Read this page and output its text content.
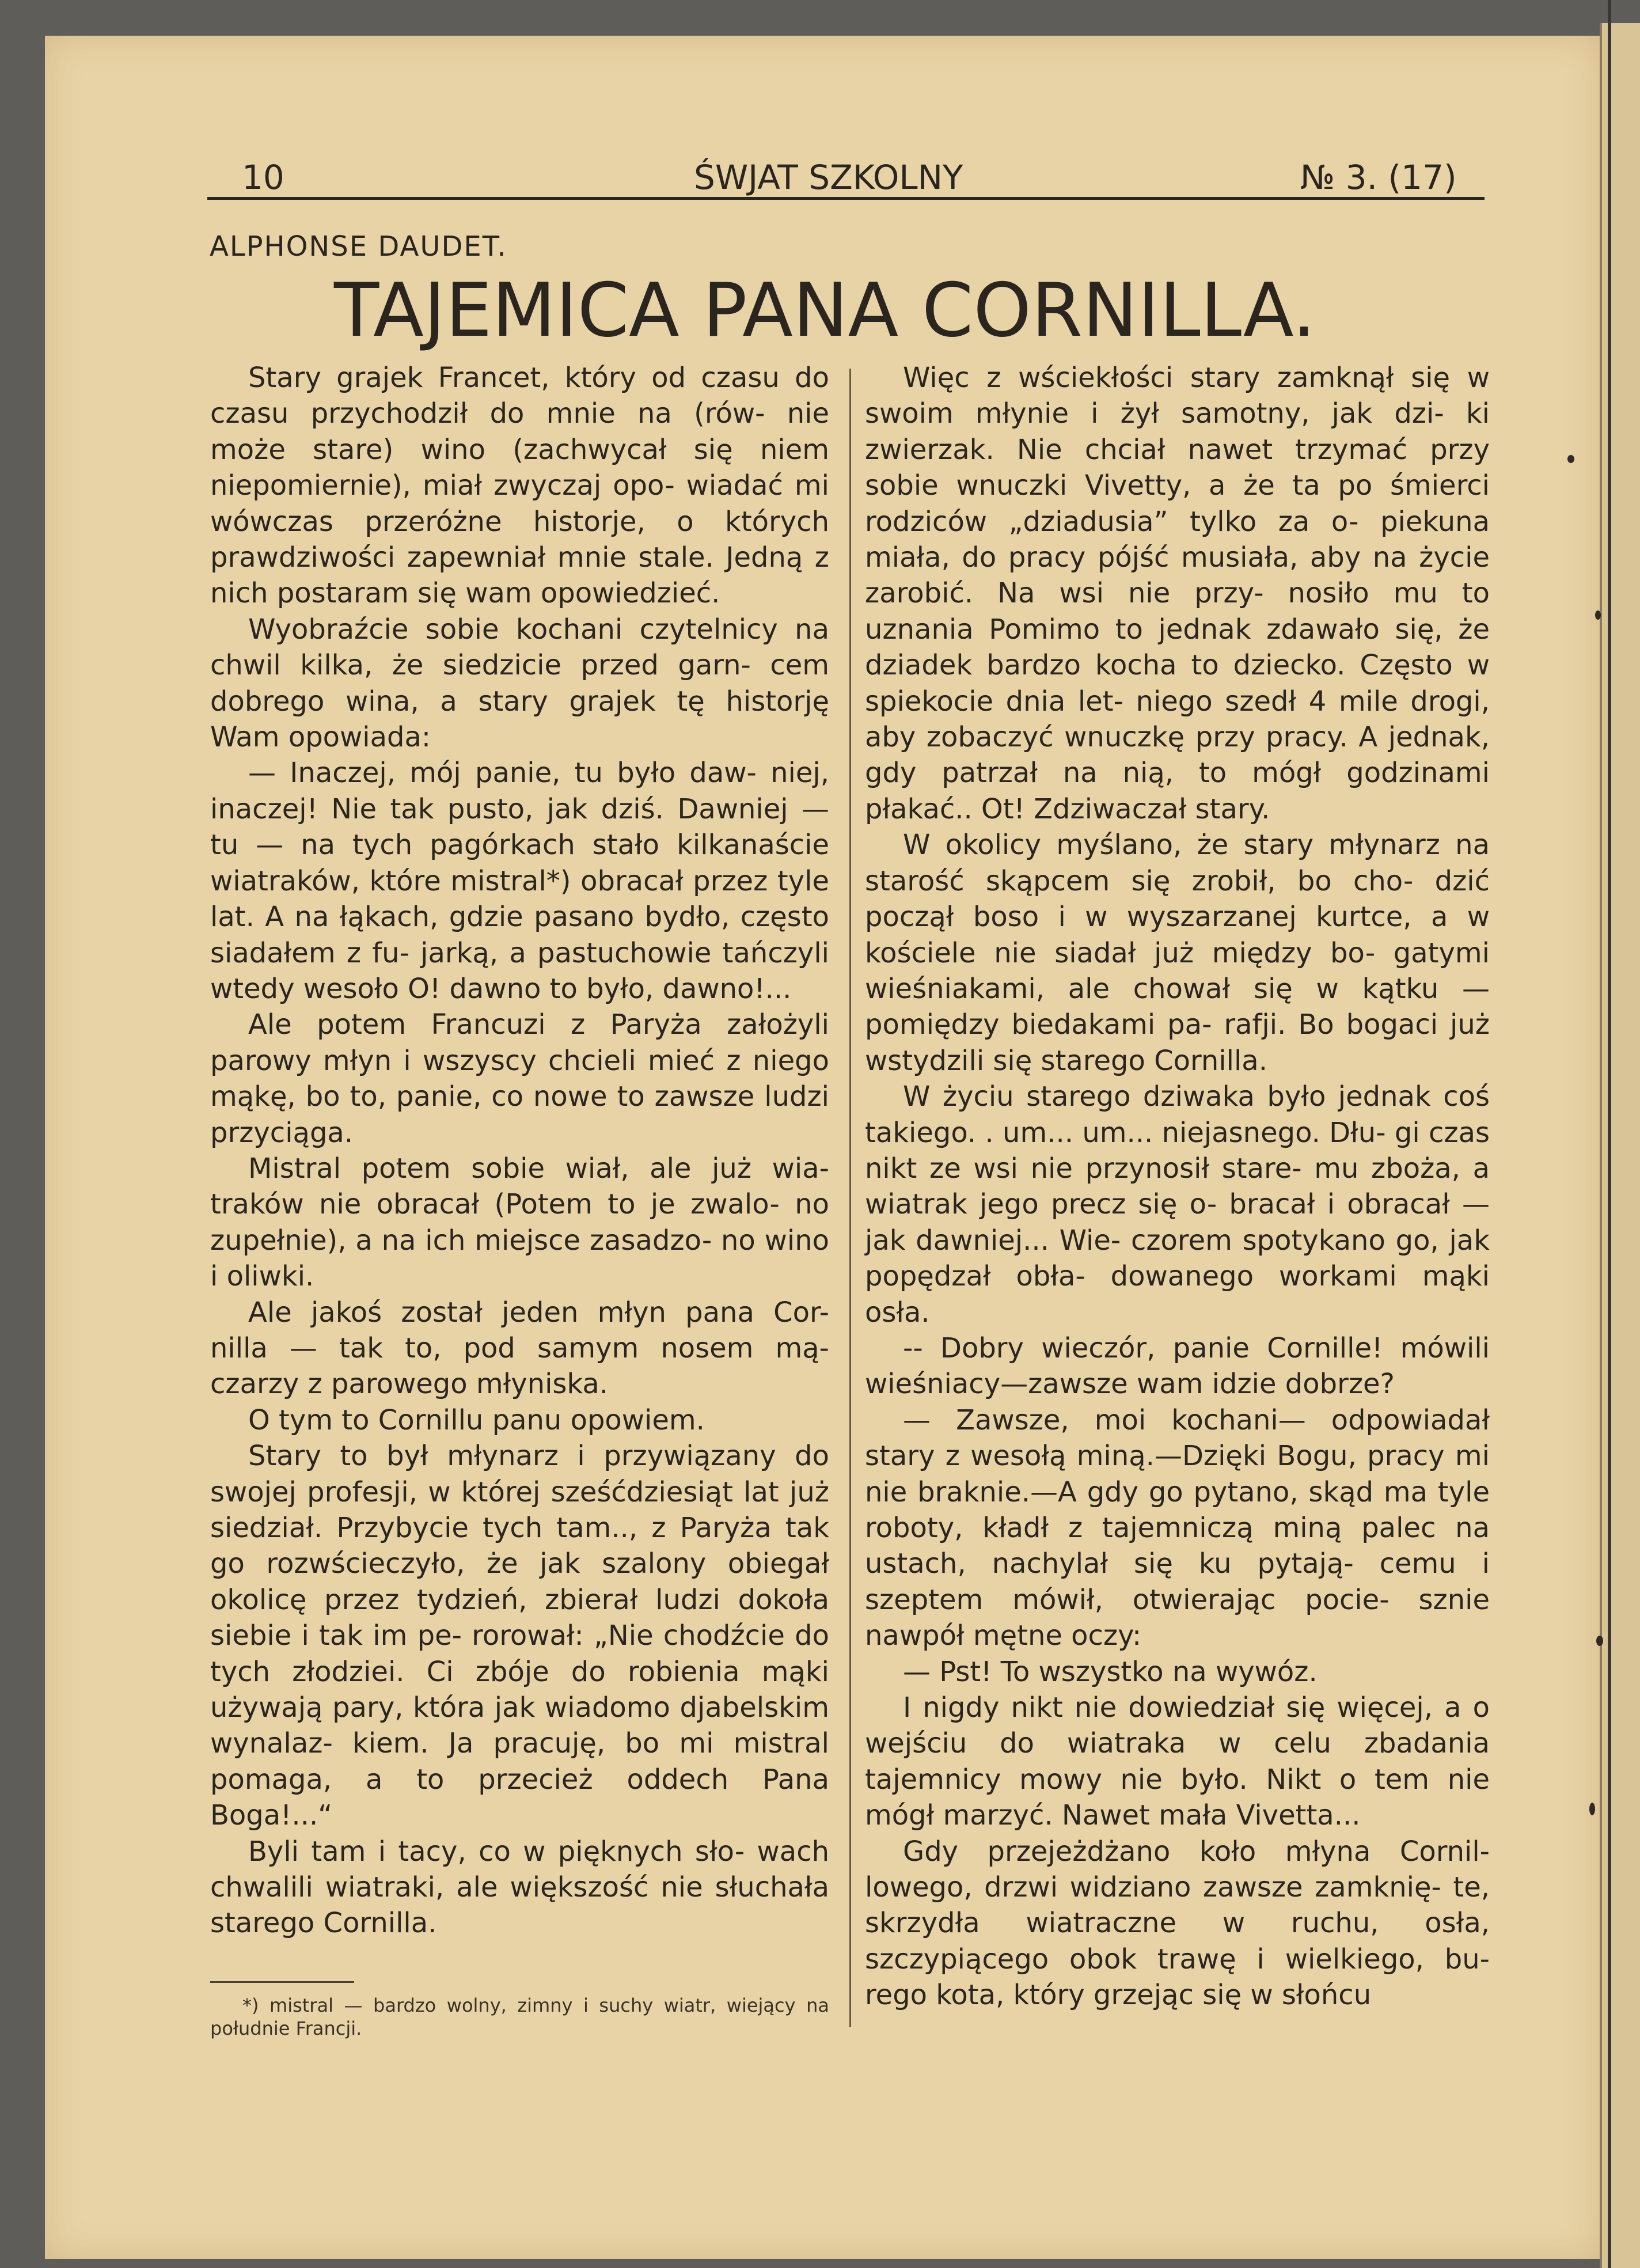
10	ŚWJAT SZKOLNY	№ 3. (17)
ALPHONSE DAUDET.
TAJEMICA PANA CORNILLA.

Stary grajek Francet, który od czasu do czasu przychodził do mnie na (rów- nie może stare) wino (zachwycał się niem niepomiernie), miał zwyczaj opo- wiadać mi wówczas przeróżne historje, o których prawdziwości zapewniał mnie stale. Jedną z nich postaram się wam opowiedzieć.

Wyobraźcie sobie kochani czytelnicy na chwil kilka, że siedzicie przed garn- cem dobrego wina, a stary grajek tę historję Wam opowiada:

— Inaczej, mój panie, tu było daw- niej, inaczej! Nie tak pusto, jak dziś. Dawniej — tu — na tych pagórkach stało kilkanaście wiatraków, które mistral*) obracał przez tyle lat. A na łąkach, gdzie pasano bydło, często siadałem z fu- jarką, a pastuchowie tańczyli wtedy wesoło O! dawno to było, dawno!...

Ale potem Francuzi z Paryża założyli parowy młyn i wszyscy chcieli mieć z niego mąkę, bo to, panie, co nowe to zawsze ludzi przyciąga.

Mistral potem sobie wiał, ale już wia- traków nie obracał (Potem to je zwalo- no zupełnie), a na ich miejsce zasadzo- no wino i oliwki.

Ale jakoś został jeden młyn pana Cor- nilla — tak to, pod samym nosem mą- czarzy z parowego młyniska.

O tym to Cornillu panu opowiem.

Stary to był młynarz i przywiązany do swojej profesji, w której sześćdziesiąt lat już siedział. Przybycie tych tam.., z Paryża tak go rozwścieczyło, że jak szalony obiegał okolicę przez tydzień, zbierał ludzi dokoła siebie i tak im pe- rorował: „Nie chodźcie do tych złodziei. Ci zbóje do robienia mąki używają pary, która jak wiadomo djabelskim wynalaz- kiem. Ja pracuję, bo mi mistral pomaga, a to przecież oddech Pana Boga!...“

Byli tam i tacy, co w pięknych sło- wach chwalili wiatraki, ale większość nie słuchała starego Cornilla.

Więc z wściekłości stary zamknął się w swoim młynie i żył samotny, jak dzi- ki zwierzak. Nie chciał nawet trzymać przy sobie wnuczki Vivetty, a że ta po śmierci rodziców „dziadusia” tylko za o- piekuna miała, do pracy pójść musiała, aby na życie zarobić. Na wsi nie przy- nosiło mu to uznania Pomimo to jednak zdawało się, że dziadek bardzo kocha to dziecko. Często w spiekocie dnia let- niego szedł 4 mile drogi, aby zobaczyć wnuczkę przy pracy. A jednak, gdy patrzał na nią, to mógł godzinami płakać.. Ot! Zdziwaczał stary.

W okolicy myślano, że stary młynarz na starość skąpcem się zrobił, bo cho- dzić począł boso i w wyszarzanej kurtce, a w kościele nie siadał już między bo- gatymi wieśniakami, ale chował się w kątku — pomiędzy biedakami pa- rafji. Bo bogaci już wstydzili się starego Cornilla.

W życiu starego dziwaka było jednak coś takiego. . um... um... niejasnego. Dłu- gi czas nikt ze wsi nie przynosił stare- mu zboża, a wiatrak jego precz się o- bracał i obracał — jak dawniej... Wie- czorem spotykano go, jak popędzał obła- dowanego workami mąki osła.

-- Dobry wieczór, panie Cornille! mówili wieśniacy—zawsze wam idzie dobrze?

— Zawsze, moi kochani— odpowiadał stary z wesołą miną.—Dzięki Bogu, pracy mi nie braknie.—A gdy go pytano, skąd ma tyle roboty, kładł z tajemniczą miną palec na ustach, nachylał się ku pytają- cemu i szeptem mówił, otwierając pocie- sznie nawpół mętne oczy:

— Pst! To wszystko na wywóz.

I nigdy nikt nie dowiedział się więcej, a o wejściu do wiatraka w celu zbadania tajemnicy mowy nie było. Nikt o tem nie mógł marzyć. Nawet mała Vivetta...

Gdy przejeżdżano koło młyna Cornil- lowego, drzwi widziano zawsze zamknię- te, skrzydła wiatraczne w ruchu, osła, szczypiącego obok trawę i wielkiego, bu- rego kota, który grzejąc się w słońcu

*) mistral — bardzo wolny, zimny i suchy wiatr, wiejący na południe Francji.
